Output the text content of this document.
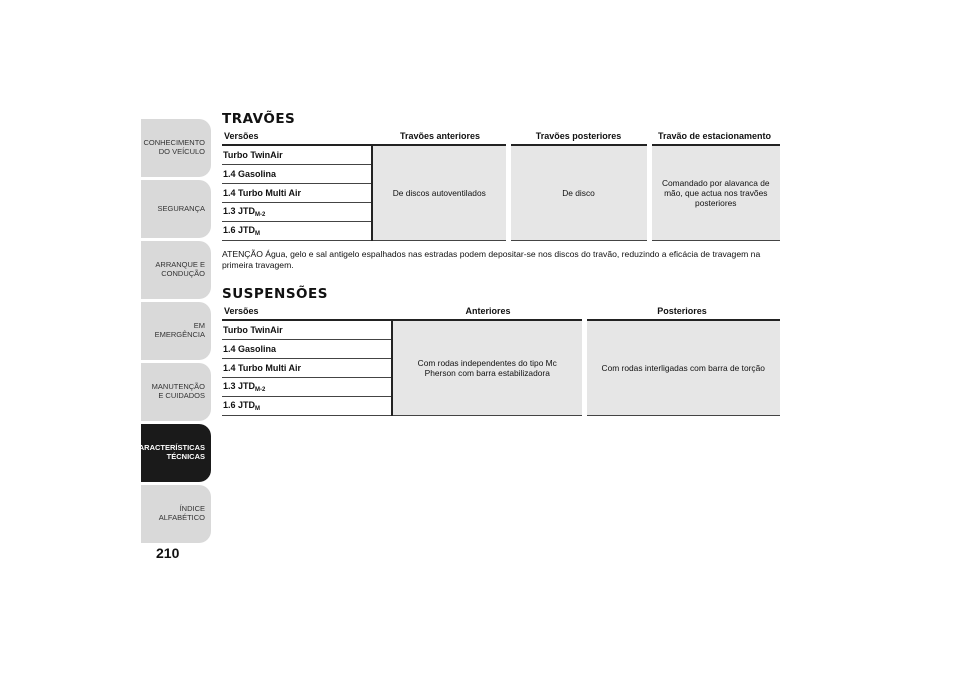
CONHECIMENTO DO VEÍCULO
SEGURANÇA
ARRANQUE E CONDUÇÃO
EM EMERGÊNCIA
MANUTENÇÃO E CUIDADOS
CARACTERÍSTICAS TÉCNICAS
ÍNDICE ALFABÉTICO
210
TRAVÕES
Versões	Travões anteriores	Travões posteriores	Travão de estacionamento
Turbo TwinAir	De discos autoventilados	De disco	Comandado por alavanca de mão, que actua nos travões posteriores
1.4 Gasolina			
1.4 Turbo Multi Air			
1.3 $JTD_{M-2}$
1.6 $JTD_M$

ATENÇÃO Água, gelo e sal antigelo espalhados nas estradas podem depositar-se nos discos do travão, reduzindo a eficácia de travagem na primeira travagem.

SUSPENSÕES
Versões	Anteriores	Posteriores
Turbo TwinAir	Com rodas independentes do tipo Mc Pherson com barra estabilizadora	Com rodas interligadas com barra de torção
1.4 Gasolina		
1.4 Turbo Multi Air		
1.3 $JTD_{M-2}$
1.6 $JTD_M$
